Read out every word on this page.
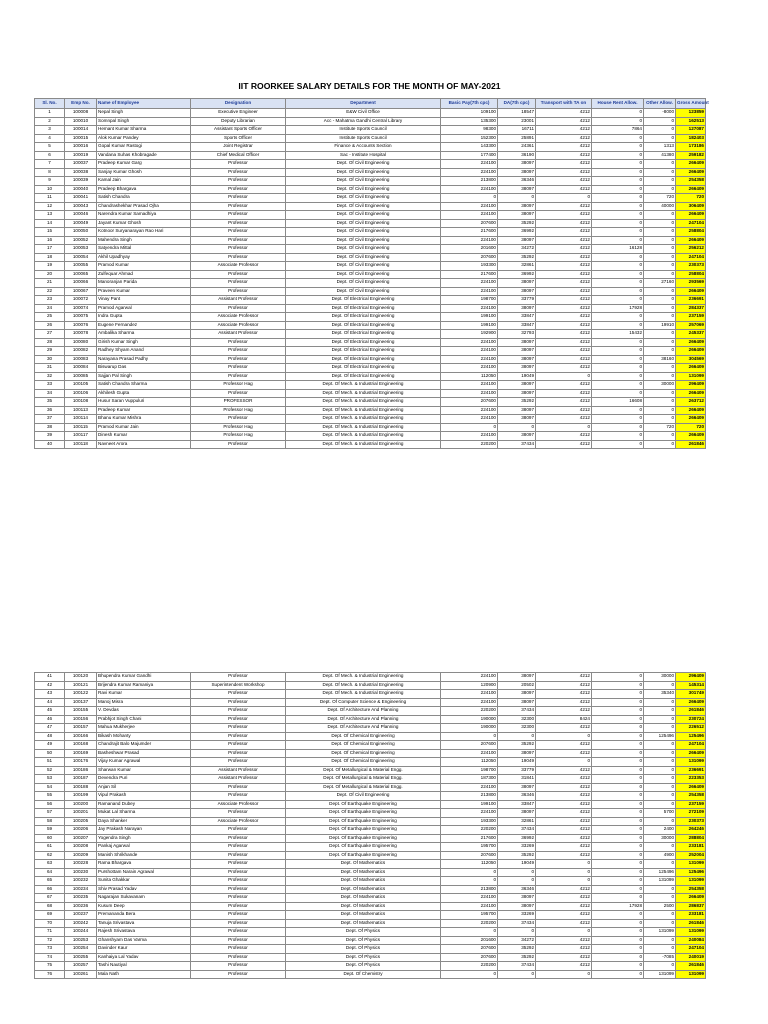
IIT ROORKEE SALARY DETAILS FOR THE MONTH OF MAY-2021
Sl. No.	Emp No.	Name of Employee	Designation	Department	Basic Pay(7th cpc)	DA(7th cpc)	Transport with TA on	House Rent Allow.	Other Allow.	Gross Amount
1	100008	Nepal Singh	Executive Engineer	E&W Civil Office	109100	18547	4212	0	-8000	123859
2	100010	Somnpal Singh	Deputy Librarian	Acc - Mahatma Gandhi Central Library	135300	23001	4212	0	0	162513
3	100014	Hemant Kumar Sharma	Assistant Sports Officer	Institute Sports Council	98300	16711	4212	7864	0	127087
4	100015	Alok Kumar Pandey	Sports Officer	Institute Sports Council	152300	25891	4212	0	0	182403
5	100016	Gopal Kumar Rastogi	Joint Registrar	Finance & Accounts Section	143300	24361	4212	0	1313	173186
6	100019	Vandana Suhas Khobragade	Chief Medical Officer	Sac - Institute Hospital	177400	36190	4212	0	41380	259182
7	100037	Pradeep Kumar Garg	Professor	Dept. Of Civil Engineering	224100	38097	4212	0	0	266409
8	100038	Sanjay Kumar Ghosh	Professor	Dept. Of Civil Engineering	224100	38097	4212	0	0	266409
9	100039	Kamal Jain	Professor	Dept. Of Civil Engineering	213800	36346	4212	0	0	254358
10	100040	Pradeep Bhargava	Professor	Dept. Of Civil Engineering	224100	38097	4212	0	0	266409
11	100041	Satish Chandra	Professor	Dept. Of Civil Engineering	0	0	0	0	720	720
12	100043	Chandrashekhar Prasad Ojha	Professor	Dept. Of Civil Engineering	224100	38097	4212	0	40000	306409
13	100046	Narendra Kumar Samadhiya	Professor	Dept. Of Civil Engineering	224100	38097	4212	0	0	266409
14	100049	Jayant Kumar Ghosh	Professor	Dept. Of Civil Engineering	207600	35292	4212	0	0	247104
15	100050	Kotnoor Suryanarayan Rao Hari	Professor	Dept. Of Civil Engineering	217600	36992	4212	0	0	258804
16	100052	Mahendra Singh	Professor	Dept. Of Civil Engineering	224100	38097	4212	0	0	266409
17	100053	Satyendra Mittal	Professor	Dept. Of Civil Engineering	201600	34272	4212	16128	0	256212
18	100054	Akhil Upadhyay	Professor	Dept. Of Civil Engineering	207600	35292	4212	0	0	247104
19	100055	Pramod Kumar	Associate Professor	Dept. Of Civil Engineering	193300	32861	4212	0	0	230373
20	100065	Zulfequar Ahmad	Professor	Dept. Of Civil Engineering	217600	36992	4212	0	0	258804
21	100066	Manoranjan Parida	Professor	Dept. Of Civil Engineering	224100	38097	4212	0	27160	293569
22	100067	Praveen Kumar	Professor	Dept. Of Civil Engineering	224100	38097	4212	0	0	266409
23	100072	Vinay Pant	Assistant Professor	Dept. Of Electrical Engineering	198700	33779	4212	0	0	236691
24	100074	Pramod Agarwal	Professor	Dept. Of Electrical Engineering	224100	38097	4212	17928	0	284337
25	100075	Indra Gupta	Associate Professor	Dept. Of Electrical Engineering	199100	33847	4212	0	0	237159
26	100076	Eugene Fernandez	Associate Professor	Dept. Of Electrical Engineering	199100	33847	4212	0	19910	257069
27	100078	Ambalika Sharma	Assistant Professor	Dept. Of Electrical Engineering	192900	32793	4212	15432	0	245337
28	100080	Girish Kumar Singh	Professor	Dept. Of Electrical Engineering	224100	38097	4212	0	0	266409
29	100082	Radhey Shyam Anand	Professor	Dept. Of Electrical Engineering	224100	38097	4212	0	0	266409
30	100083	Narayana Prasad Padhy	Professor	Dept. Of Electrical Engineering	224100	38097	4212	0	38160	304569
31	100084	Biswarup Das	Professor	Dept. Of Electrical Engineering	224100	38097	4212	0	0	266409
32	100085	Sajjan Pal Singh	Professor	Dept. Of Electrical Engineering	112050	19049	0	0	0	131099
33	100105	Satish Chandra Sharma	Professor Hag	Dept. Of Mech. & Industrial Engineering	224100	38097	4212	0	30000	296409
34	100106	Akhilesh Gupta	Professor	Dept. Of Mech. & Industrial Engineering	224100	38097	4212	0	0	266409
35	100108	Husur Saran Vuppuluri	PROFESSOR	Dept. Of Mech. & Industrial Engineering	207600	35292	4212	16608	0	263712
36	100113	Pradeep Kumar	Professor Hag	Dept. Of Mech. & Industrial Engineering	224100	38097	4212	0	0	266409
37	100114	Bhanu Kumar Mishra	Professor	Dept. Of Mech. & Industrial Engineering	224100	38097	4212	0	0	266409
38	100115	Pramod Kumar Jain	Professor Hag	Dept. Of Mech. & Industrial Engineering	0	0	0	0	720	720
39	100117	Dinesh Kumar	Professor Hag	Dept. Of Mech. & Industrial Engineering	224100	38097	4212	0	0	266409
40	100118	Navneet Arora	Professor	Dept. Of Mech. & Industrial Engineering	220200	37434	4212	0	0	261846
41	100120	Bhupendra Kumar Gandhi	Professor	Dept. Of Mech. & Industrial Engineering	224100	38097	4212	0	30000	296409
42	100121	Brijendra Kumar Ramaniya	Superintendent Workshop	Dept. Of Mech. & Industrial Engineering	120900	20502	4212	0	0	145314
43	100122	Ravi Kumar	Professor	Dept. Of Mech. & Industrial Engineering	224100	38097	4212	0	35340	301749
44	100137	Manoj Misra	Professor	Dept. Of Computer Science & Engineering	224100	38097	4212	0	0	266409
45	100155	V. Devdas	Professor	Dept. Of Architecture And Planning	220200	37434	4212	0	0	261846
46	100156	Prabhjot Singh Chani	Professor	Dept. Of Architecture And Planning	190000	32300	8424	0	0	230724
47	100157	Mahua Mukherjee	Professor	Dept. Of Architecture And Planning	190000	32300	4212	0	0	226512
48	100166	Bikash Mohanty	Professor	Dept. Of Chemical Engineering	0	0	0	0	125496	125496
49	100168	Chandrajit Balo Majumder	Professor	Dept. Of Chemical Engineering	207600	35292	4212	0	0	247104
50	100169	Basheshwar Prasad	Professor	Dept. Of Chemical Engineering	224100	38097	4212	0	0	266409
51	100176	Vijay Kumar Agrawal	Professor	Dept. Of Chemical Engineering	112050	19049	0	0	0	131099
52	100186	Sharwan Kumar	Assistant Professor	Dept. Of Metallurgical & Material Engg.	198700	33779	4212	0	0	236691
53	100187	Devendra Puri	Assistant Professor	Dept. Of Metallurgical & Material Engg.	187300	31841	4212	0	0	223353
54	100188	Anjan Sil	Professor	Dept. Of Metallurgical & Material Engg.	224100	38097	4212	0	0	266409
55	100199	Vipul Prakash	Professor	Dept. Of Civil Engineering	213800	36346	4212	0	0	254358
56	100200	Ramanand Dubey	Associate Professor	Dept. Of Earthquake Engineering	199100	33847	4212	0	0	237159
57	100201	Mukat Lal Sharma	Professor	Dept. Of Earthquake Engineering	224100	38097	4212	0	5700	272109
58	100205	Daya Shanker	Associate Professor	Dept. Of Earthquake Engineering	193300	32861	4212	0	0	230373
59	100206	Jay Prakash Narayan	Professor	Dept. Of Earthquake Engineering	220200	37434	4212	0	2400	264246
60	100207	Yogendra Singh	Professor	Dept. Of Earthquake Engineering	217600	36992	4212	0	30000	288804
61	100208	Pankaj Agarwal	Professor	Dept. Of Earthquake Engineering	195700	33269	4212	0	0	233181
62	100209	Manish Shrikhande	Professor	Dept. Of Earthquake Engineering	207600	35292	4212	0	4900	252004
63	100228	Rama Bhargava	Professor	Dept. Of Mathematics	112050	19049	0	0	0	131099
64	100230	Purshottam Narain Agrawal	Professor	Dept. Of Mathematics	0	0	0	0	125496	125496
65	100232	Sunita Ghakkar	Professor	Dept. Of Mathematics	0	0	0	0	131099	131099
66	100234	Shiv Prasad Yadav	Professor	Dept. Of Mathematics	213800	36346	4212	0	0	254358
67	100235	Nagarajan Sukavanam	Professor	Dept. Of Mathematics	224100	38097	4212	0	0	266409
68	100236	Kusum Deep	Professor	Dept. Of Mathematics	224100	38097	4212	17928	2500	286837
69	100237	Premananda Bera	Professor	Dept. Of Mathematics	195700	33269	4212	0	0	233181
70	100242	Tanuja Srivastava	Professor	Dept. Of Mathematics	220200	37434	4212	0	0	261846
71	100244	Rajesh Srivastava	Professor	Dept. Of Physics	0	0	0	0	131099	131099
72	100253	Ghanshyam Das Varma	Professor	Dept. Of Physics	201600	34272	4212	0	0	240084
73	100254	Davinder Kaur	Professor	Dept. Of Physics	207600	35292	4212	0	0	247104
74	100255	Kanhaiya Lal Yadav	Professor	Dept. Of Physics	207600	35292	4212	0	-7085	240019
75	100257	Tashi Nautiyal	Professor	Dept. Of Physics	220200	37434	4212	0	0	261846
76	100261	Mala Nath	Professor	Dept. Of Chemistry	0	0	0	0	131099	131099
